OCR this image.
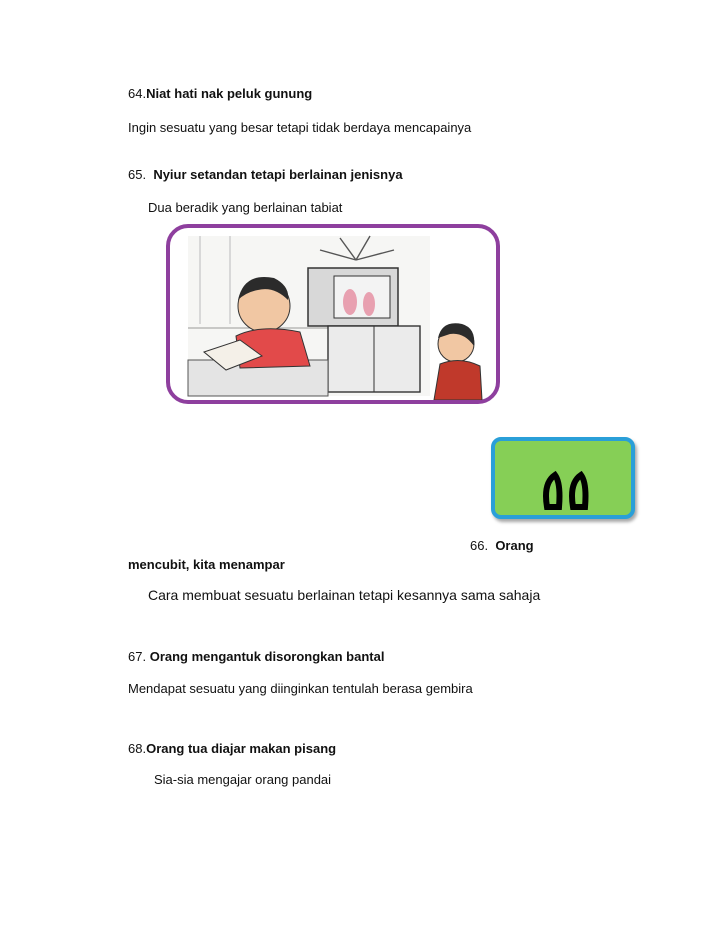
64.Niat hati nak peluk gunung
Ingin sesuatu yang besar tetapi tidak berdaya mencapainya
65. Nyiur setandan tetapi berlainan jenisnya
Dua beradik yang berlainan tabiat
66. Orang
mencubit, kita menampar
Cara membuat sesuatu berlainan tetapi kesannya sama sahaja
67. Orang mengantuk disorongkan bantal
Mendapat sesuatu yang diinginkan tentulah berasa gembira
68.Orang tua diajar makan pisang
Sia-sia mengajar orang pandai
